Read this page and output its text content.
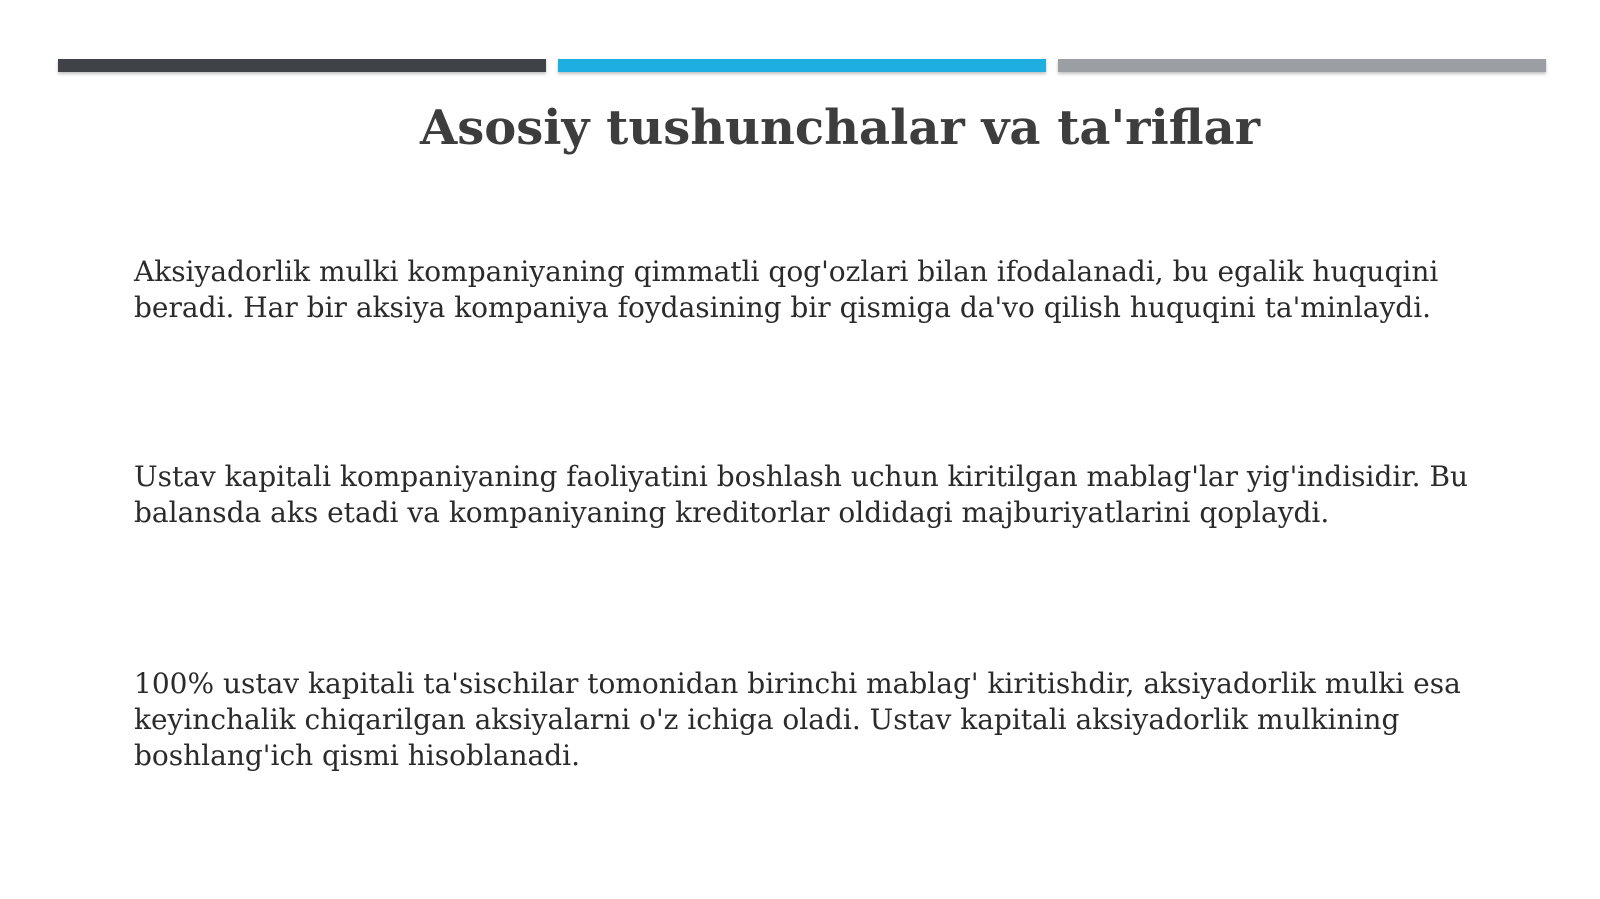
Asosiy tushunchalar va ta'riflar

Aksiyadorlik mulki kompaniyaning qimmatli qog'ozlari bilan ifodalanadi, bu egalik huquqini beradi. Har bir aksiya kompaniya foydasining bir qismiga da'vo qilish huquqini ta'minlaydi.

Ustav kapitali kompaniyaning faoliyatini boshlash uchun kiritilgan mablag'lar yig'indisidir. Bu balansda aks etadi va kompaniyaning kreditorlar oldidagi majburiyatlarini qoplaydi.

100% ustav kapitali ta'sischilar tomonidan birinchi mablag' kiritishdir, aksiyadorlik mulki esa keyinchalik chiqarilgan aksiyalarni o'z ichiga oladi. Ustav kapitali aksiyadorlik mulkining boshlang'ich qismi hisoblanadi.
